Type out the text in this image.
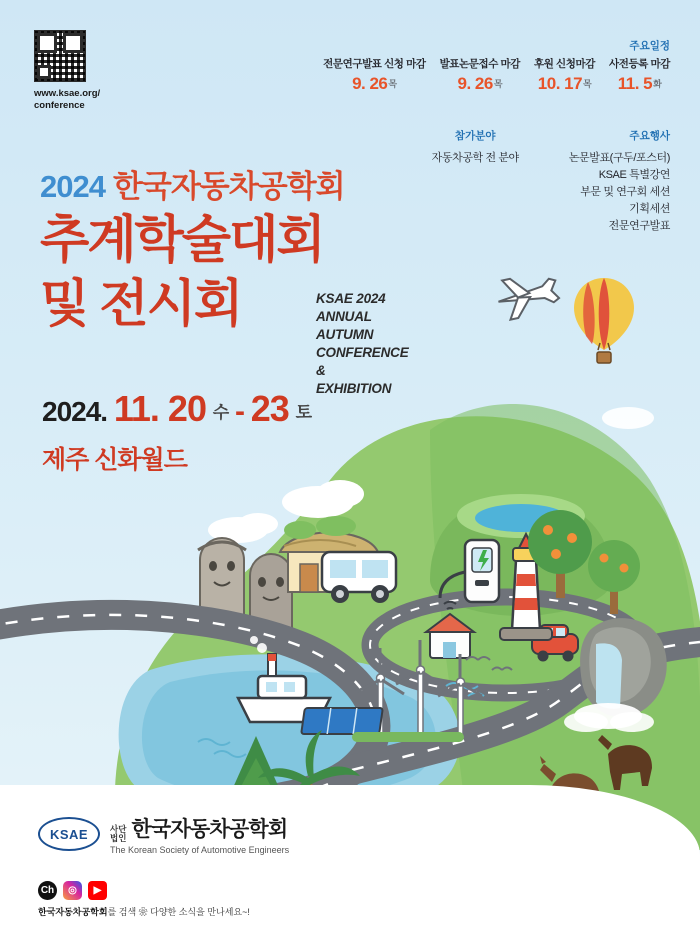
www.ksae.org/
conference
주요일정
전문연구발표 신청 마감
9. 26목
발표논문접수 마감
9. 26목
후원 신청마감
10. 17목
사전등록 마감
11. 5화
참가분야
자동차공학 전 분야
주요행사
논문발표(구두/포스터)
KSAE 특별강연
부문 및 연구회 세션
기획세션
전문연구발표
2024 한국자동차공학회
추계학술대회
및 전시회	KSAE 2024 ANNUAL
AUTUMN CONFERENCE &
EXHIBITION
2024. 11. 20 수 - 23 토
제주 신화월드
KSAE	사단
법인 한국자동차공학회
The Korean Society of Automotive Engineers
Ch	◎	▶
한국자동차공학회를 검색 ❀ 다양한 소식을 만나세요~!
